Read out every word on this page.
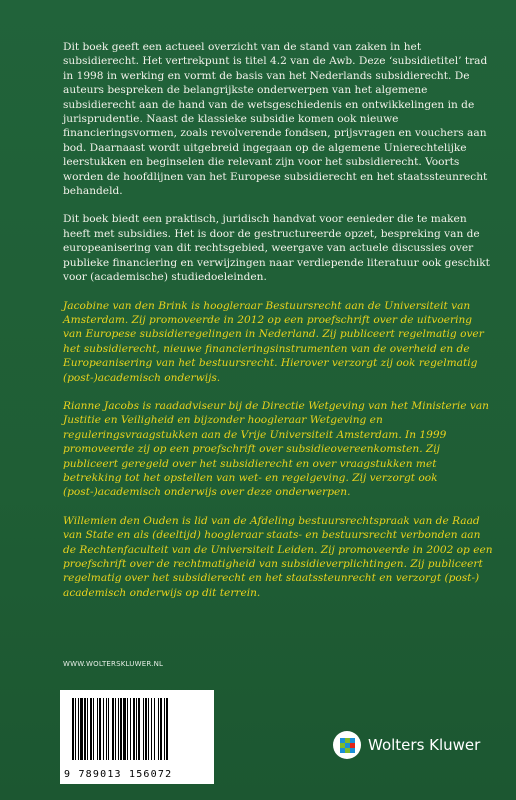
Dit boek geeft een actueel overzicht van de stand van zaken in het subsidierecht. Het vertrekpunt is titel 4.2 van de Awb. Deze ‘subsidietitel’ trad in 1998 in werking en vormt de basis van het Nederlands subsidierecht. De auteurs bespreken de belangrijkste onderwerpen van het algemene subsidierecht aan de hand van de wetsgeschiedenis en ontwikkelingen in de jurisprudentie. Naast de klassieke subsidie komen ook nieuwe financieringsvormen, zoals revolverende fondsen, prijsvragen en vouchers aan bod. Daarnaast wordt uitgebreid ingegaan op de algemene Unierechtelijke leerstukken en beginselen die relevant zijn voor het subsidierecht. Voorts worden de hoofdlijnen van het Europese subsidierecht en het staatssteunrecht behandeld.

Dit boek biedt een praktisch, juridisch handvat voor eenieder die te maken heeft met subsidies. Het is door de gestructureerde opzet, bespreking van de europeanisering van dit rechtsgebied, weergave van actuele discussies over publieke financiering en verwijzingen naar verdiepende literatuur ook geschikt voor (academische) studiedoeleinden.

Jacobine van den Brink is hoogleraar Bestuursrecht aan de Universiteit van Amsterdam. Zij promoveerde in 2012 op een proefschrift over de uitvoering van Europese subsidieregelingen in Nederland. Zij publiceert regelmatig over het subsidierecht, nieuwe financieringsinstrumenten van de overheid en de Europeanisering van het bestuursrecht. Hierover verzorgt zij ook regelmatig (post-)academisch onderwijs.

Rianne Jacobs is raadadviseur bij de Directie Wetgeving van het Ministerie van Justitie en Veiligheid en bijzonder hoogleraar Wetgeving en reguleringsvraagstukken aan de Vrije Universiteit Amsterdam. In 1999 promoveerde zij op een proefschrift over subsidieovereenkomsten. Zij publiceert geregeld over het subsidierecht en over vraagstukken met betrekking tot het opstellen van wet- en regelgeving. Zij verzorgt ook (post-)academisch onderwijs over deze onderwerpen.

Willemien den Ouden is lid van de Afdeling bestuursrechtspraak van de Raad van State en als (deeltijd) hoogleraar staats- en bestuursrecht verbonden aan de Rechtenfaculteit van de Universiteit Leiden. Zij promoveerde in 2002 op een proefschrift over de rechtmatigheid van subsidieverplichtingen. Zij publiceert regelmatig over het subsidierecht en het staatssteunrecht en verzorgt (post-) academisch onderwijs op dit terrein.

WWW.WOLTERSKLUWER.NL
9 789013 156072
Wolters Kluwer
